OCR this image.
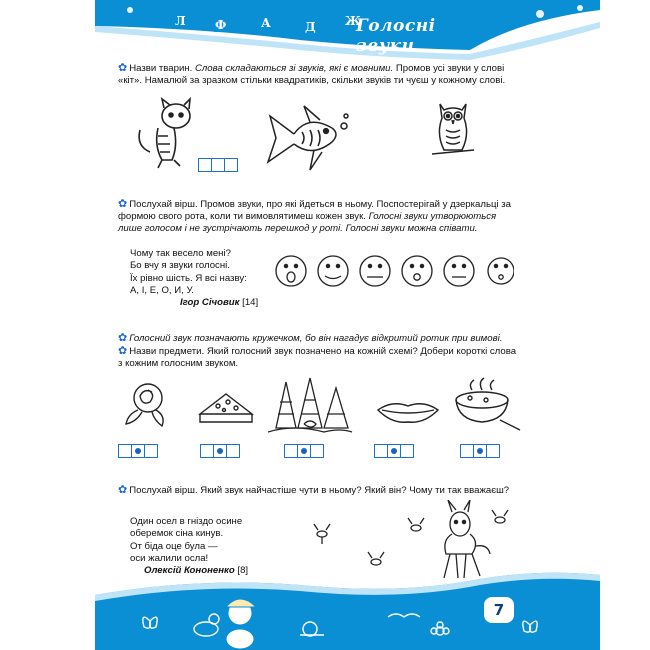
Л Ф	А	Д Ж
Голосні звуки
✿ Назви тварин. Слова складаються зі звуків, які є мовними. Промов усі звуки у слові «кіт». Намалюй за зразком стільки квадратиків, скільки звуків ти чуєш у кожному слові.
✿ Послухай вірш. Промов звуки, про які йдеться в ньому. Поспостерігай у дзеркальці за формою свого рота, коли ти вимовлятимеш кожен звук. Голосні звуки утворюються лише голосом і не зустрічають перешкод у роті. Голосні звуки можна співати.
Чому так весело мені?
Бо вчу я звуки голосні.
Їх рівно шість. Я всі назву:
А, І, Е, О, И, У.
Ігор Січовик [14]
✿ Голосний звук позначають кружечком, бо він нагадує відкритий ротик при вимові.
✿ Назви предмети. Який голосний звук позначено на кожній схемі? Добери короткі слова з кожним голосним звуком.
✿ Послухай вірш. Який звук найчастіше чути в ньому? Який він? Чому ти так вважаєш?
Один осел в гніздо осине
оберемок сіна кинув.
От біда оце була —
оси жалили осла!
Олексій Кононенко [8]
7
